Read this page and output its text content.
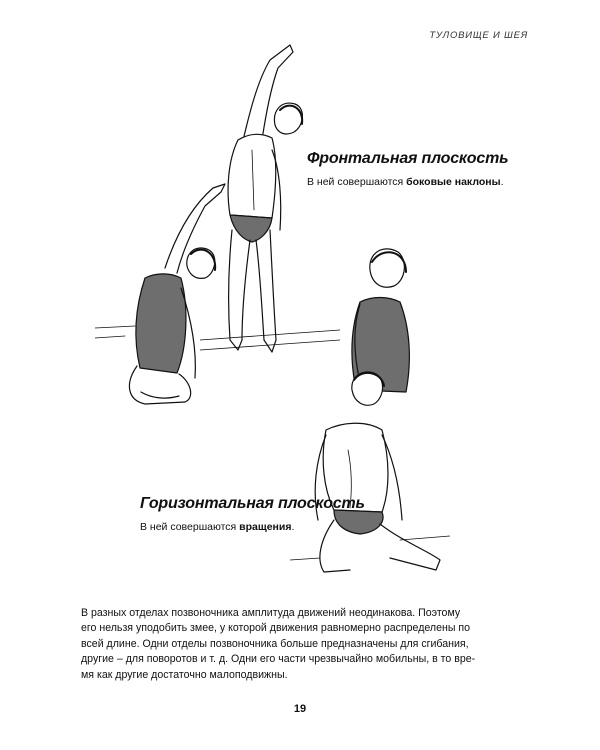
ТУЛОВИЩЕ И ШЕЯ
Фронтальная плоскость
В ней совершаются боковые наклоны.
Горизонтальная плоскость
В ней совершаются вращения.
В разных отделах позвоночника амплитуда движений неодинакова. Поэтому
его нельзя уподобить змее, у которой движения равномерно распределены по
всей длине. Одни отделы позвоночника больше предназначены для сгибания,
другие – для поворотов и т. д. Одни его части чрезвычайно мобильны, в то вре-
мя как другие достаточно малоподвижны.
19
